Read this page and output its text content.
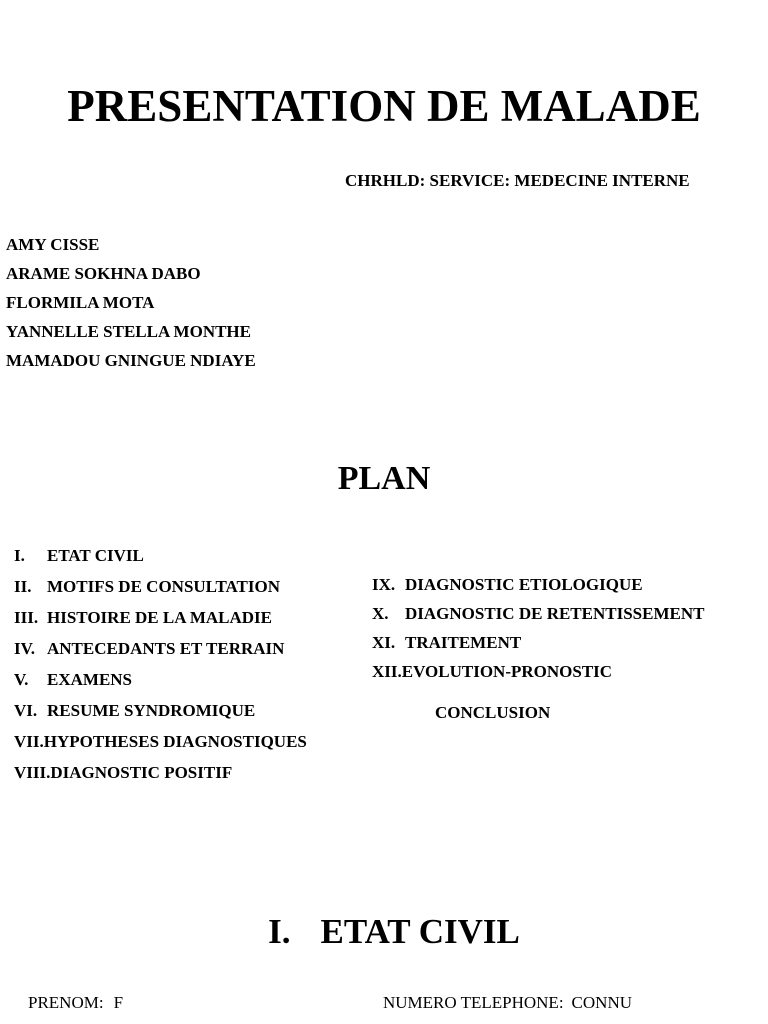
PRESENTATION DE MALADE
CHRHLD: SERVICE: MEDECINE INTERNE
AMY CISSE
ARAME SOKHNA DABO
FLORMILA MOTA
YANNELLE STELLA MONTHE
MAMADOU GNINGUE NDIAYE
PLAN
I.	ETAT CIVIL
II. MOTIFS DE CONSULTATION
III. HISTOIRE DE LA MALADIE
IV. ANTECEDANTS ET TERRAIN
V.	EXAMENS
VI. RESUME SYNDROMIQUE
VII. HYPOTHESES DIAGNOSTIQUES
VIII. DIAGNOSTIC POSITIF
IX. DIAGNOSTIC ETIOLOGIQUE
X. DIAGNOSTIC DE RETENTISSEMENT
XI. TRAITEMENT
XII. EVOLUTION-PRONOSTIC
CONCLUSION
I. ETAT CIVIL
PRENOM: F	NUMERO TELEPHONE: CONNU
